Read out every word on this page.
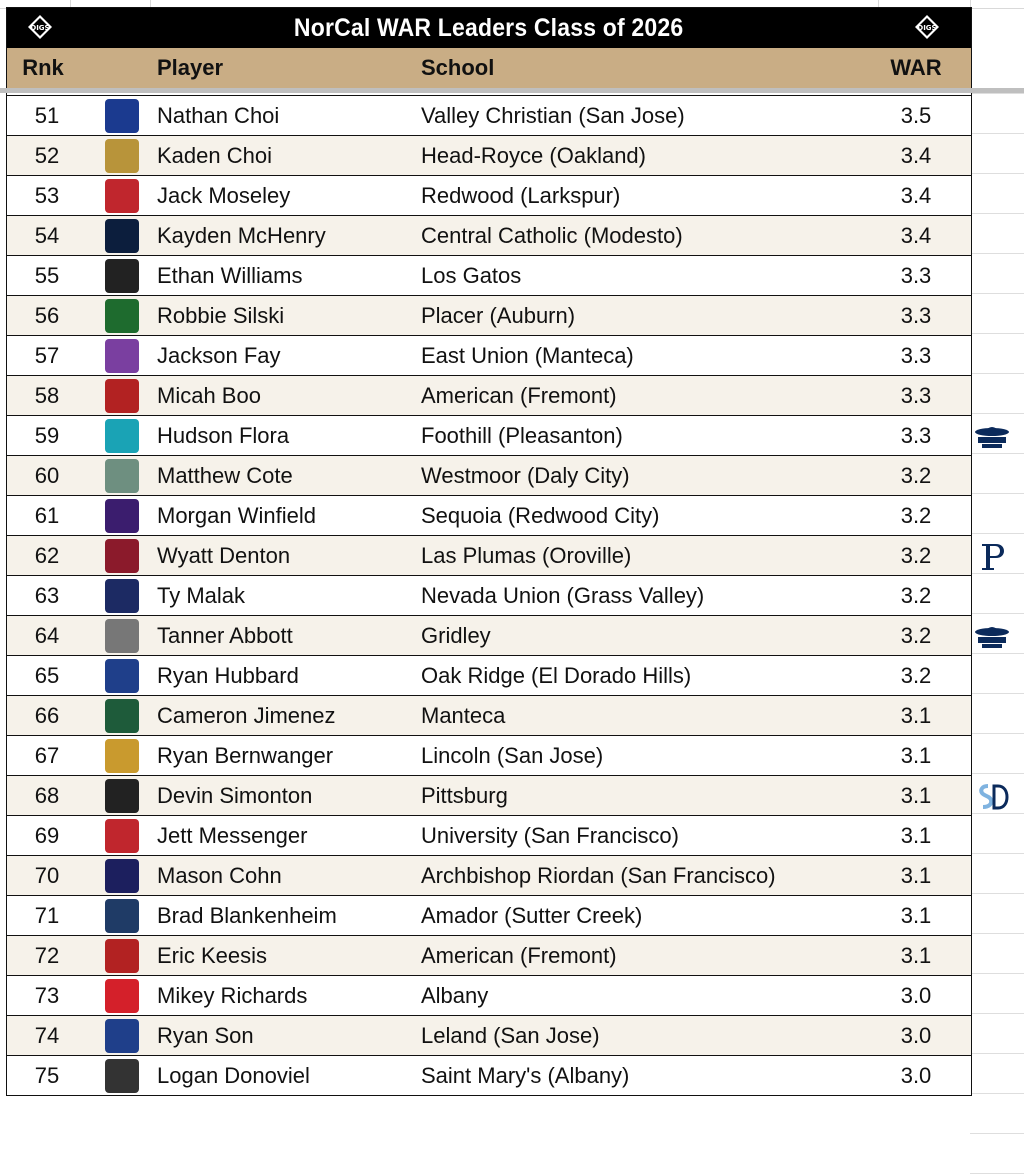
DIGS	NorCal WAR Leaders Class of 2026	DIGS
Rnk	Player	School	WAR
51	Nathan Choi	Valley Christian (San Jose)	3.5
52	Kaden Choi	Head-Royce (Oakland)	3.4
53	Jack Moseley	Redwood (Larkspur)	3.4
54	Kayden McHenry	Central Catholic (Modesto)	3.4
55	Ethan Williams	Los Gatos	3.3
56	Robbie Silski	Placer (Auburn)	3.3
57	Jackson Fay	East Union (Manteca)	3.3
58	Micah Boo	American (Fremont)	3.3
59	Hudson Flora	Foothill (Pleasanton)	3.3
60	Matthew Cote	Westmoor (Daly City)	3.2
61	Morgan Winfield	Sequoia (Redwood City)	3.2
62	Wyatt Denton	Las Plumas (Oroville)	3.2
63	Ty Malak	Nevada Union (Grass Valley)	3.2
64	Tanner Abbott	Gridley	3.2
65	Ryan Hubbard	Oak Ridge (El Dorado Hills)	3.2
66	Cameron Jimenez	Manteca	3.1
67	Ryan Bernwanger	Lincoln (San Jose)	3.1
68	Devin Simonton	Pittsburg	3.1
69	Jett Messenger	University (San Francisco)	3.1
70	Mason Cohn	Archbishop Riordan (San Francisco)	3.1
71	Brad Blankenheim	Amador (Sutter Creek)	3.1
72	Eric Keesis	American (Fremont)	3.1
73	Mikey Richards	Albany	3.0
74	Ryan Son	Leland (San Jose)	3.0
75	Logan Donoviel	Saint Mary's (Albany)	3.0
